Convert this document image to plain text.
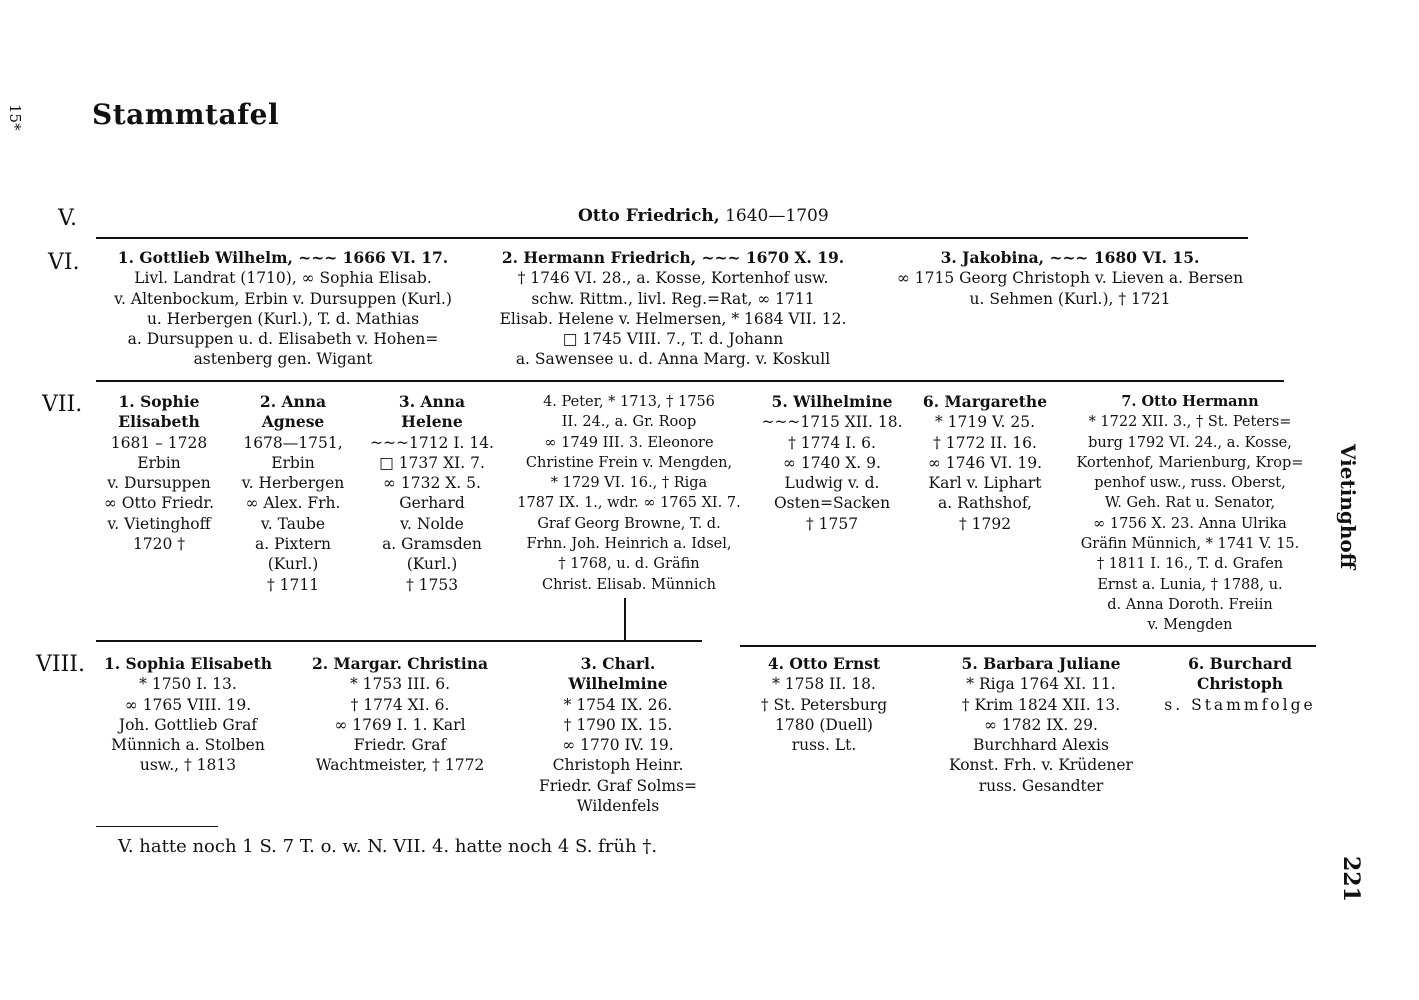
15* Stammtafel
V.
VI.
VII.
VIII.
Otto Friedrich, 1640—1709
1. Gottlieb Wilhelm, ~~~ 1666 VI. 17.
Livl. Landrat (1710), ∞ Sophia Elisab.
v. Altenbockum, Erbin v. Dursuppen (Kurl.)
u. Herbergen (Kurl.), T. d. Mathias
a. Dursuppen u. d. Elisabeth v. Hohen=
astenberg gen. Wigant
2. Hermann Friedrich, ~~~ 1670 X. 19.
† 1746 VI. 28., a. Kosse, Kortenhof usw.
schw. Rittm., livl. Reg.=Rat, ∞ 1711
Elisab. Helene v. Helmersen, * 1684 VII. 12.
□ 1745 VIII. 7., T. d. Johann
a. Sawensee u. d. Anna Marg. v. Koskull
3. Jakobina, ~~~ 1680 VI. 15.
∞ 1715 Georg Christoph v. Lieven a. Bersen
u. Sehmen (Kurl.), † 1721
1. Sophie
Elisabeth
1681 – 1728
Erbin
v. Dursuppen
∞ Otto Friedr.
v. Vietinghoff
1720 †
2. Anna
Agnese
1678—1751,
Erbin
v. Herbergen
∞ Alex. Frh.
v. Taube
a. Pixtern
(Kurl.)
† 1711
3. Anna
Helene
~~~1712 I. 14.
□ 1737 XI. 7.
∞ 1732 X. 5.
Gerhard
v. Nolde
a. Gramsden
(Kurl.)
† 1753
4. Peter, * 1713, † 1756
II. 24., a. Gr. Roop
∞ 1749 III. 3. Eleonore
Christine Frein v. Mengden,
* 1729 VI. 16., † Riga
1787 IX. 1., wdr. ∞ 1765 XI. 7.
Graf Georg Browne, T. d.
Frhn. Joh. Heinrich a. Idsel,
† 1768, u. d. Gräfin
Christ. Elisab. Münnich
5. Wilhelmine
~~~1715 XII. 18.
† 1774 I. 6.
∞ 1740 X. 9.
Ludwig v. d.
Osten=Sacken
† 1757
6. Margarethe
* 1719 V. 25.
† 1772 II. 16.
∞ 1746 VI. 19.
Karl v. Liphart
a. Rathshof,
† 1792
7. Otto Hermann
* 1722 XII. 3., † St. Peters=
burg 1792 VI. 24., a. Kosse,
Kortenhof, Marienburg, Krop=
penhof usw., russ. Oberst,
W. Geh. Rat u. Senator,
∞ 1756 X. 23. Anna Ulrika
Gräfin Münnich, * 1741 V. 15.
† 1811 I. 16., T. d. Grafen
Ernst a. Lunia, † 1788, u.
d. Anna Doroth. Freiin
v. Mengden
1. Sophia Elisabeth
* 1750 I. 13.
∞ 1765 VIII. 19.
Joh. Gottlieb Graf
Münnich a. Stolben
usw., † 1813
2. Margar. Christina
* 1753 III. 6.
† 1774 XI. 6.
∞ 1769 I. 1. Karl
Friedr. Graf
Wachtmeister, † 1772
3. Charl.
Wilhelmine
* 1754 IX. 26.
† 1790 IX. 15.
∞ 1770 IV. 19.
Christoph Heinr.
Friedr. Graf Solms=
Wildenfels
4. Otto Ernst
* 1758 II. 18.
† St. Petersburg
1780 (Duell)
russ. Lt.
5. Barbara Juliane
* Riga 1764 XI. 11.
† Krim 1824 XII. 13.
∞ 1782 IX. 29.
Burchhard Alexis
Konst. Frh. v. Krüdener
russ. Gesandter
6. Burchard
Christoph
s. Stammfolge
V. hatte noch 1 S. 7 T. o. w. N. VII. 4. hatte noch 4 S. früh †.
Vietinghoff
221
